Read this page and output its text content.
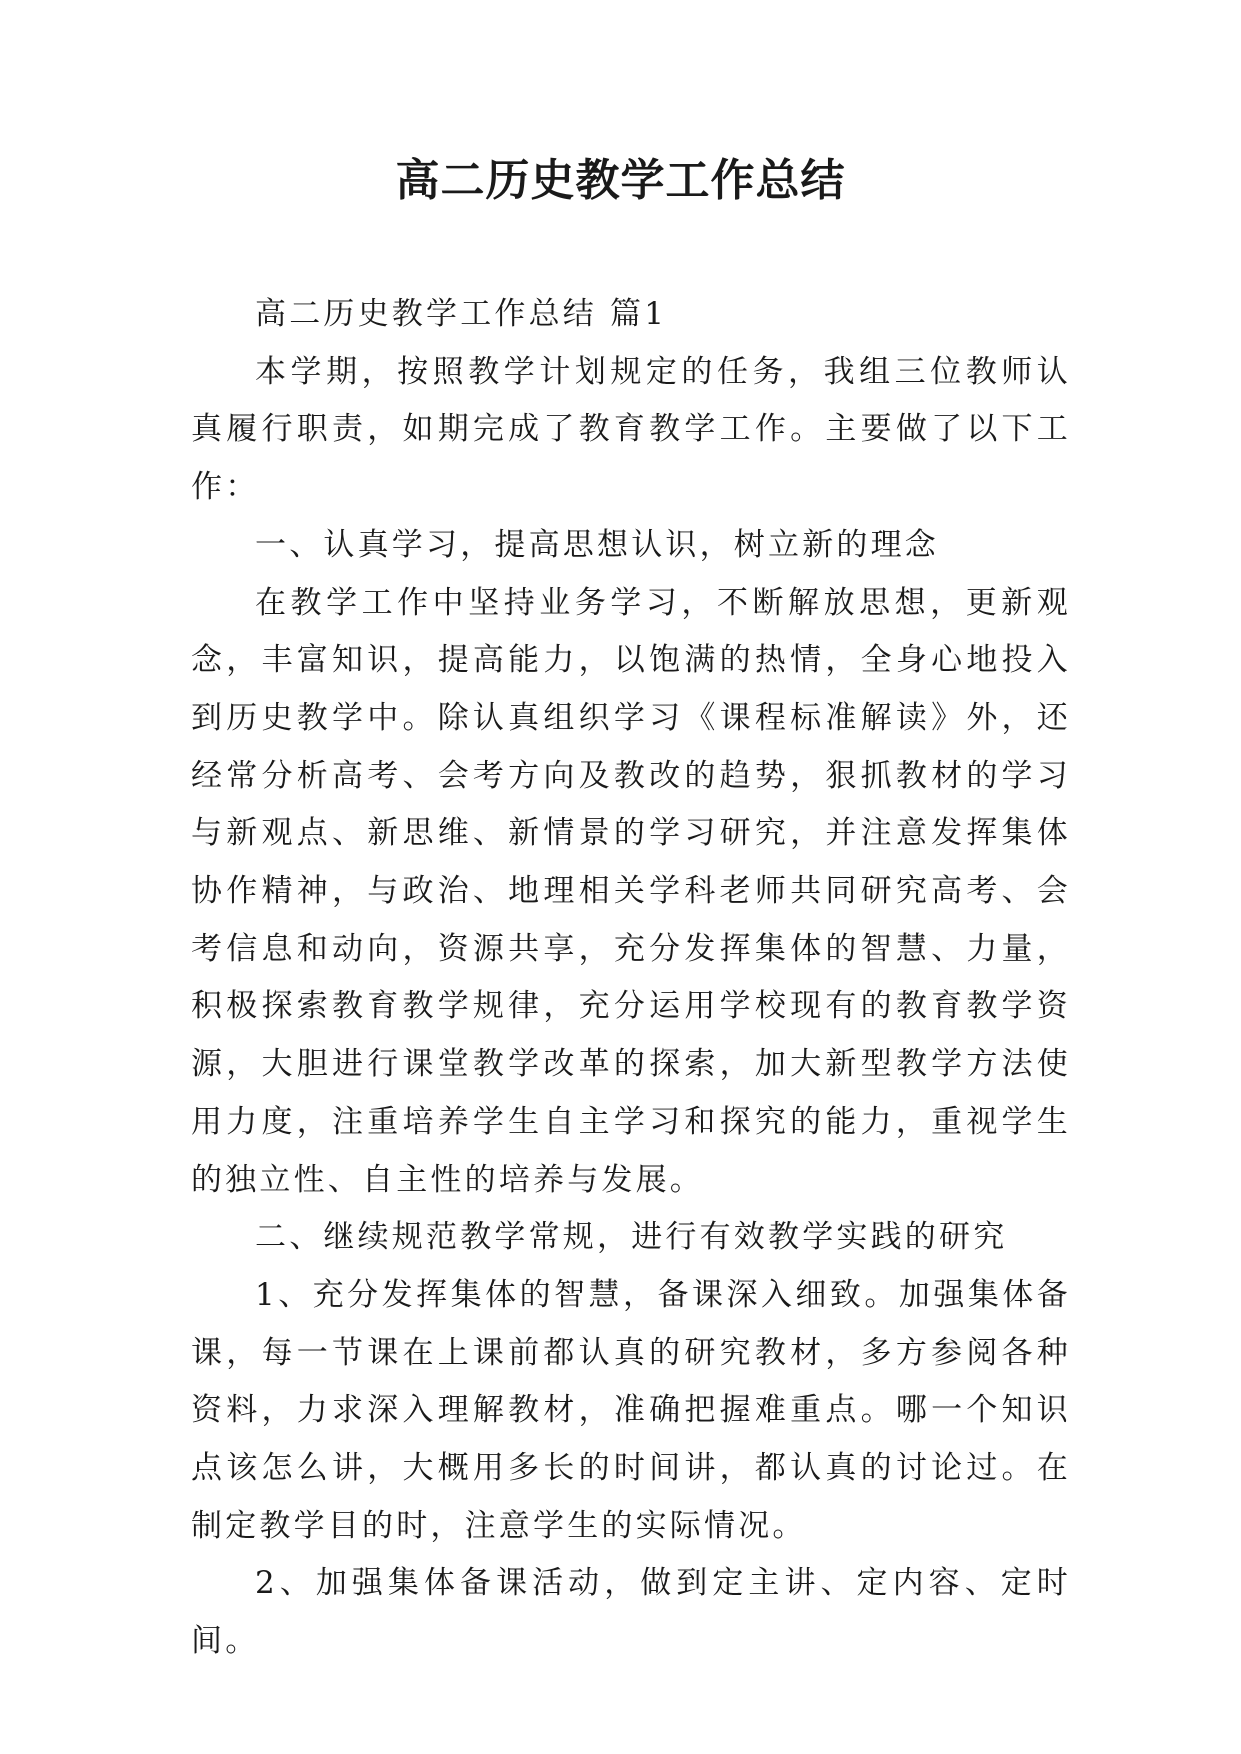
高二历史教学工作总结

高二历史教学工作总结 篇1

本学期，按照教学计划规定的任务，我组三位教师认真履行职责，如期完成了教育教学工作。主要做了以下工作：

一、认真学习，提高思想认识，树立新的理念

在教学工作中坚持业务学习，不断解放思想，更新观念，丰富知识，提高能力，以饱满的热情，全身心地投入到历史教学中。除认真组织学习《课程标准解读》外，还经常分析高考、会考方向及教改的趋势，狠抓教材的学习与新观点、新思维、新情景的学习研究，并注意发挥集体协作精神，与政治、地理相关学科老师共同研究高考、会考信息和动向，资源共享，充分发挥集体的智慧、力量，积极探索教育教学规律，充分运用学校现有的教育教学资源，大胆进行课堂教学改革的探索，加大新型教学方法使用力度，注重培养学生自主学习和探究的能力，重视学生的独立性、自主性的培养与发展。

二、继续规范教学常规，进行有效教学实践的研究

1、充分发挥集体的智慧，备课深入细致。加强集体备课，每一节课在上课前都认真的研究教材，多方参阅各种资料，力求深入理解教材，准确把握难重点。哪一个知识点该怎么讲，大概用多长的时间讲，都认真的讨论过。在制定教学目的时，注意学生的实际情况。

2、加强集体备课活动，做到定主讲、定内容、定时间。
